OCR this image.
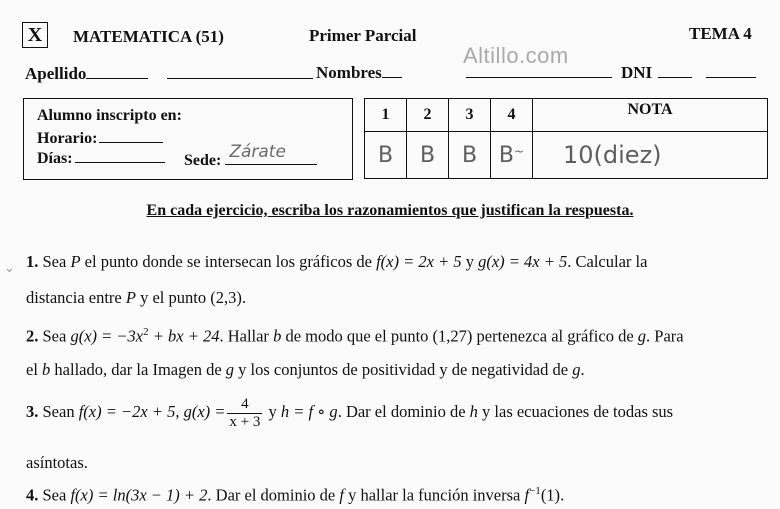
X	MATEMATICA (51)	Primer Parcial	TEMA 4
Altillo.com
Apellido	Nombres	DNI
Alumno inscripto en:
Horario:
Días:	Sede: Zárate
1	2	3	4	NOTA
B	B	B	B~	10(diez)
En cada ejercicio, escriba los razonamientos que justifican la respuesta.
⌄ 1. Sea P el punto donde se intersecan los gráficos de f(x) = 2x + 5 y g(x) = 4x + 5. Calcular la
distancia entre P y el punto (2,3).
2. Sea $g(x) = -3x^2$ + bx + 24. Hallar b de modo que el punto (1,27) pertenezca al gráfico de g. Para
el b hallado, dar la Imagen de g y los conjuntos de positividad y de negatividad de g.
3. Sean f(x) = −2x + 5, $g(x) = \frac{4}{x + 3}$ y h = f ∘ g. Dar el dominio de h y las ecuaciones de todas sus
asíntotas.
4. Sea f(x) = ln(3x − 1) + 2. Dar el dominio de f y hallar la función inversa $f^{-1}(1)$.
